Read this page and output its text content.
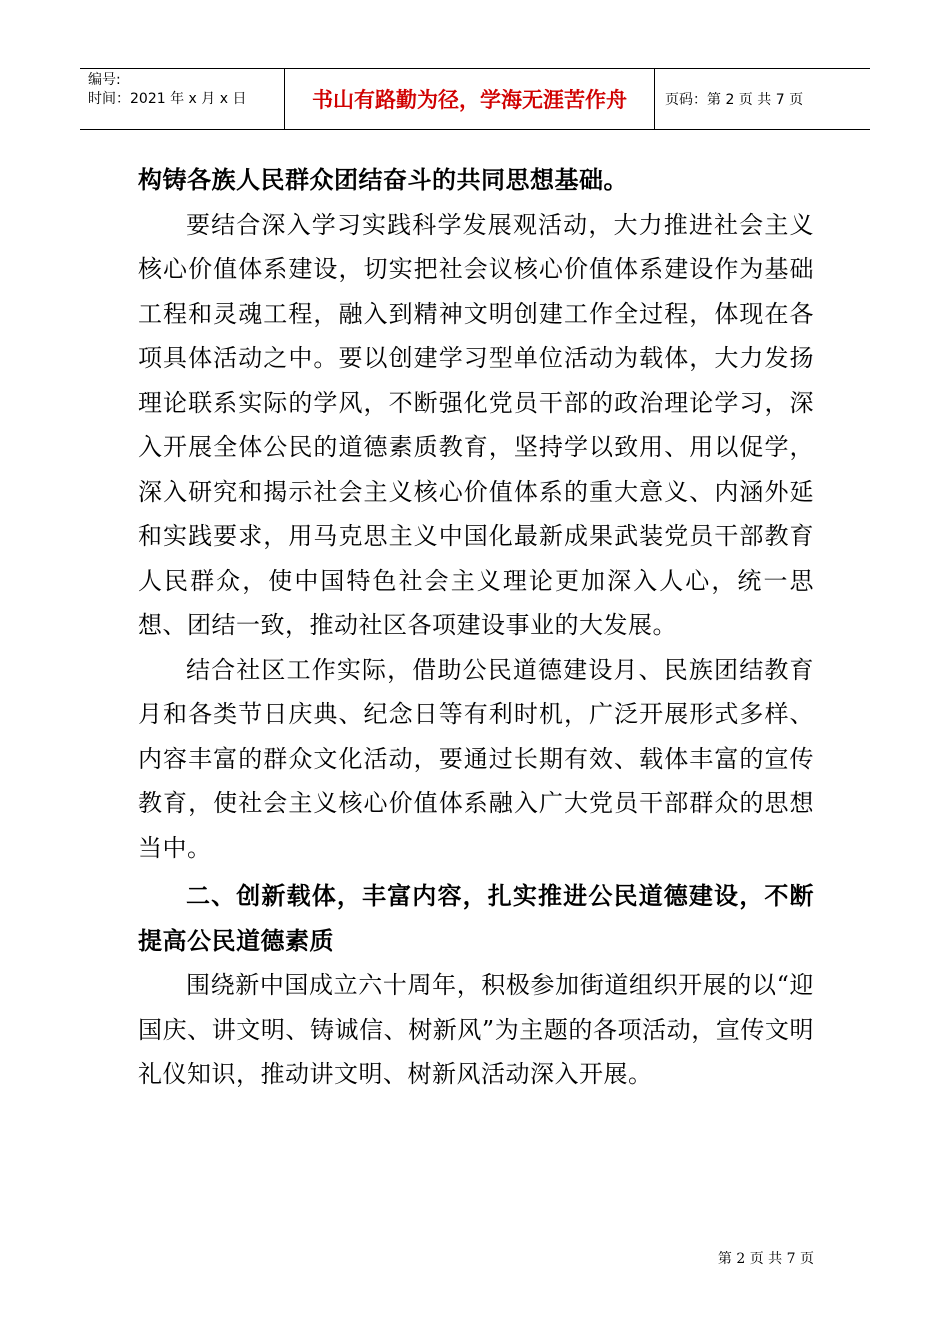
编号:
时间：2021 年 x 月 x 日	书山有路勤为径，学海无涯苦作舟	页码：第 2 页 共 7 页

构铸各族人民群众团结奋斗的共同思想基础。

要结合深入学习实践科学发展观活动，大力推进社会主义核心价值体系建设，切实把社会议核心价值体系建设作为基础工程和灵魂工程，融入到精神文明创建工作全过程，体现在各项具体活动之中。要以创建学习型单位活动为载体，大力发扬理论联系实际的学风，不断强化党员干部的政治理论学习，深入开展全体公民的道德素质教育，坚持学以致用、用以促学，深入研究和揭示社会主义核心价值体系的重大意义、内涵外延和实践要求，用马克思主义中国化最新成果武装党员干部教育人民群众，使中国特色社会主义理论更加深入人心，统一思想、团结一致，推动社区各项建设事业的大发展。

结合社区工作实际，借助公民道德建设月、民族团结教育月和各类节日庆典、纪念日等有利时机，广泛开展形式多样、内容丰富的群众文化活动，要通过长期有效、载体丰富的宣传教育，使社会主义核心价值体系融入广大党员干部群众的思想当中。

二、创新载体，丰富内容，扎实推进公民道德建设，不断提高公民道德素质

围绕新中国成立六十周年，积极参加街道组织开展的以“迎国庆、讲文明、铸诚信、树新风”为主题的各项活动，宣传文明礼仪知识，推动讲文明、树新风活动深入开展。

第 2 页 共 7 页
